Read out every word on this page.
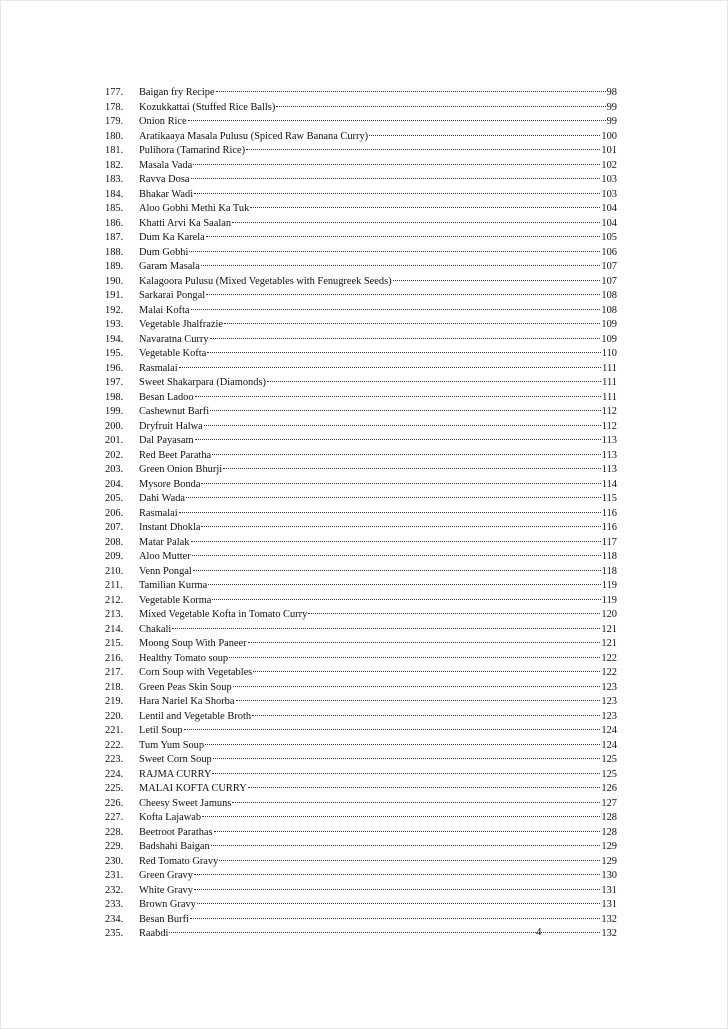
177.	Baigan fry Recipe	98
178.	Kozukkattai (Stuffed Rice Balls)	99
179.	Onion Rice	99
180.	Aratikaaya Masala Pulusu (Spiced Raw Banana Curry)	100
181.	Pulihora (Tamarind Rice)	101
182.	Masala Vada	102
183.	Ravva Dosa	103
184.	Bhakar Wadi	103
185.	Aloo Gobhi Methi Ka Tuk	104
186.	Khatti Arvi Ka Saalan	104
187.	Dum Ka Karela	105
188.	Dum Gobhi	106
189.	Garam Masala	107
190.	Kalagoora Pulusu (Mixed Vegetables with Fenugreek Seeds)	107
191.	Sarkarai Pongal	108
192.	Malai Kofta	108
193.	Vegetable Jhalfrazie	109
194.	Navaratna Curry	109
195.	Vegetable Kofta	110
196.	Rasmalai	111
197.	Sweet Shakarpara (Diamonds)	111
198.	Besan Ladoo	111
199.	Cashewnut Barfi	112
200.	Dryfruit Halwa	112
201.	Dal Payasam	113
202.	Red Beet Paratha	113
203.	Green Onion Bhurji	113
204.	Mysore Bonda	114
205.	Dahi Wada	115
206.	Rasmalai	116
207.	Instant Dhokla	116
208.	Matar Palak	117
209.	Aloo Mutter	118
210.	Venn Pongal	118
211.	Tamilian Kurma	119
212.	Vegetable Korma	119
213.	Mixed Vegetable Kofta in Tomato Curry	120
214.	Chakali	121
215.	Moong Soup With Paneer	121
216.	Healthy Tomato soup	122
217.	Corn Soup with Vegetables	122
218.	Green Peas Skin Soup	123
219.	Hara Nariel Ka Shorba	123
220.	Lentil and Vegetable Broth	123
221.	Letil Soup	124
222.	Tum Yum Soup	124
223.	Sweet Corn Soup	125
224.	RAJMA CURRY	125
225.	MALAI KOFTA CURRY	126
226.	Cheesy Sweet Jamuns	127
227.	Kofta Lajawab	128
228.	Beetroot Parathas	128
229.	Badshahi Baigan	129
230.	Red Tomato Gravy	129
231.	Green Gravy	130
232.	White Gravy	131
233.	Brown Gravy	131
234.	Besan Burfi	132
235.	Raabdi	132
4
